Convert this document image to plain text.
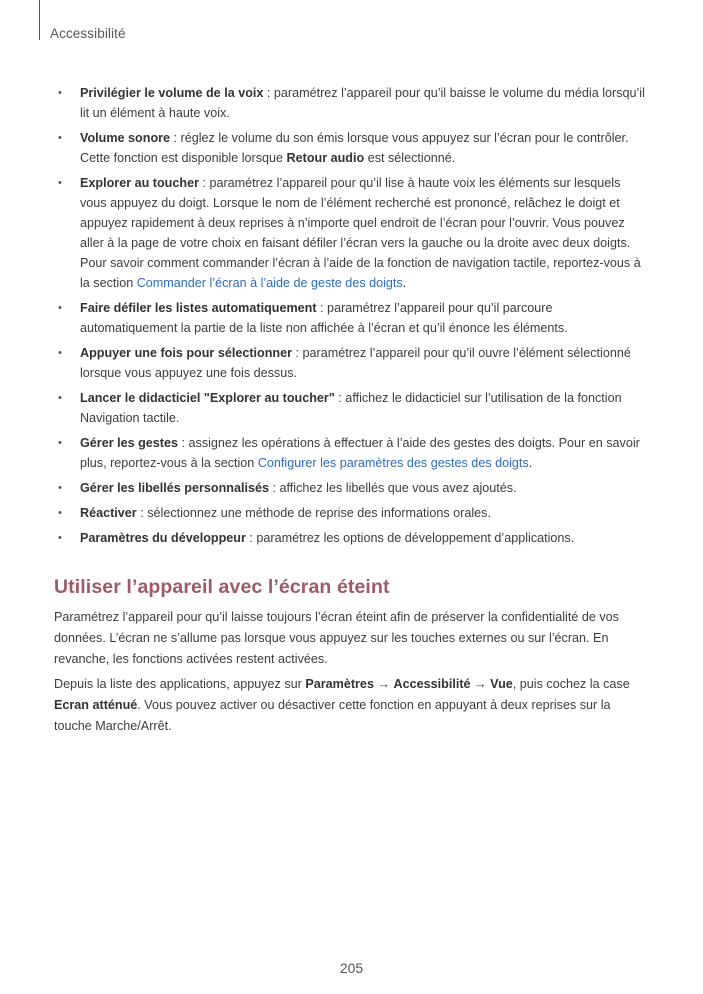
Accessibilité
• Privilégier le volume de la voix : paramétrez l’appareil pour qu’il baisse le volume du média lorsqu’il lit un élément à haute voix.
• Volume sonore : réglez le volume du son émis lorsque vous appuyez sur l’écran pour le contrôler. Cette fonction est disponible lorsque Retour audio est sélectionné.
• Explorer au toucher : paramétrez l’appareil pour qu’il lise à haute voix les éléments sur lesquels vous appuyez du doigt. Lorsque le nom de l’élément recherché est prononcé, relâchez le doigt et appuyez rapidement à deux reprises à n’importe quel endroit de l’écran pour l’ouvrir. Vous pouvez aller à la page de votre choix en faisant défiler l’écran vers la gauche ou la droite avec deux doigts. Pour savoir comment commander l’écran à l’aide de la fonction de navigation tactile, reportez-vous à la section Commander l’écran à l’aide de geste des doigts.
• Faire défiler les listes automatiquement : paramétrez l’appareil pour qu’il parcoure automatiquement la partie de la liste non affichée à l’écran et qu’il énonce les éléments.
• Appuyer une fois pour sélectionner : paramétrez l’appareil pour qu’il ouvre l’élément sélectionné lorsque vous appuyez une fois dessus.
• Lancer le didacticiel "Explorer au toucher" : affichez le didacticiel sur l’utilisation de la fonction Navigation tactile.
• Gérer les gestes : assignez les opérations à effectuer à l’aide des gestes des doigts. Pour en savoir plus, reportez-vous à la section Configurer les paramètres des gestes des doigts.
• Gérer les libellés personnalisés : affichez les libellés que vous avez ajoutés.
• Réactiver : sélectionnez une méthode de reprise des informations orales.
• Paramètres du développeur : paramétrez les options de développement d’applications.
Utiliser l’appareil avec l’écran éteint

Paramétrez l’appareil pour qu’il laisse toujours l’écran éteint afin de préserver la confidentialité de vos données. L’écran ne s’allume pas lorsque vous appuyez sur les touches externes ou sur l’écran. En revanche, les fonctions activées restent activées.

Depuis la liste des applications, appuyez sur Paramètres → Accessibilité → Vue, puis cochez la case Ecran atténué. Vous pouvez activer ou désactiver cette fonction en appuyant à deux reprises sur la touche Marche/Arrêt.

205
